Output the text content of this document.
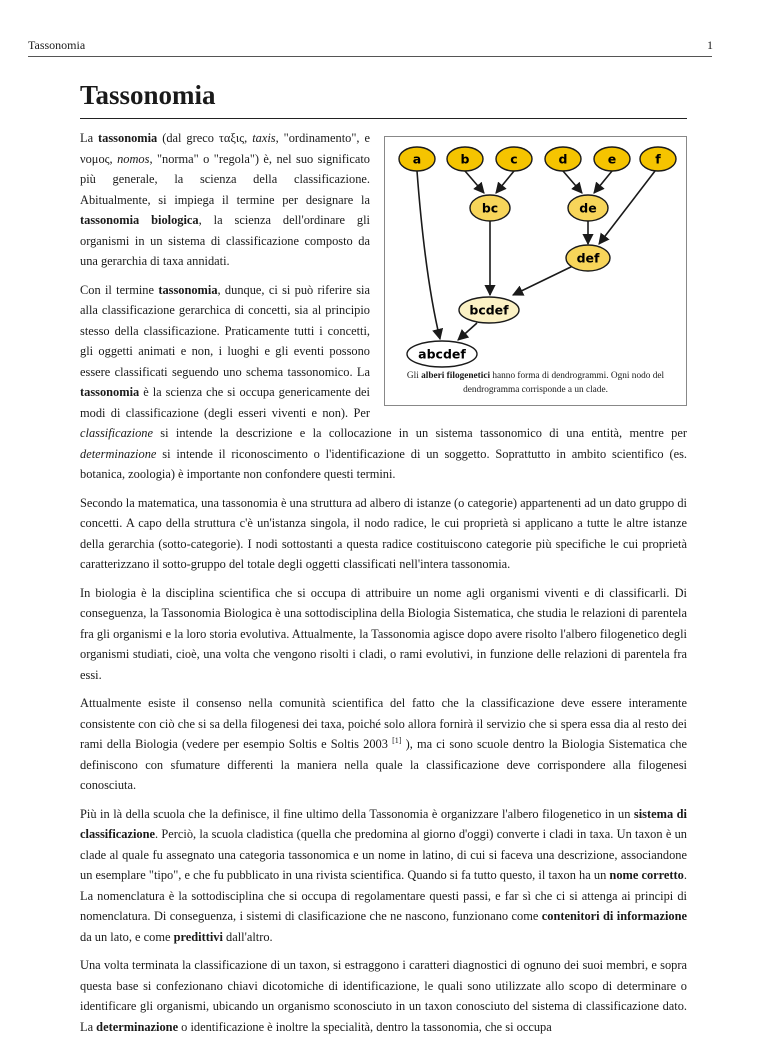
Tassonomia	1
Tassonomia
a	b	c	d	e	f
bc	de
def
bcdef
abcdef
Gli alberi filogenetici hanno forma di dendrogrammi. Ogni nodo del dendrogramma corrisponde a un clade.

La tassonomia (dal greco ταξις, taxis, "ordinamento", e νομος, nomos, "norma" o "regola") è, nel suo significato più generale, la scienza della classificazione. Abitualmente, si impiega il termine per designare la tassonomia biologica, la scienza dell'ordinare gli organismi in un sistema di classificazione composto da una gerarchia di taxa annidati.

Con il termine tassonomia, dunque, ci si può riferire sia alla classificazione gerarchica di concetti, sia al principio stesso della classificazione. Praticamente tutti i concetti, gli oggetti animati e non, i luoghi e gli eventi possono essere classificati seguendo uno schema tassonomico. La tassonomia è la scienza che si occupa genericamente dei modi di classificazione (degli esseri viventi e non). Per classificazione si intende la descrizione e la collocazione in un sistema tassonomico di una entità, mentre per determinazione si intende il riconoscimento o l'identificazione di un soggetto. Soprattutto in ambito scientifico (es. botanica, zoologia) è importante non confondere questi termini.

Secondo la matematica, una tassonomia è una struttura ad albero di istanze (o categorie) appartenenti ad un dato gruppo di concetti. A capo della struttura c'è un'istanza singola, il nodo radice, le cui proprietà si applicano a tutte le altre istanze della gerarchia (sotto-categorie). I nodi sottostanti a questa radice costituiscono categorie più specifiche le cui proprietà caratterizzano il sotto-gruppo del totale degli oggetti classificati nell'intera tassonomia.

In biologia è la disciplina scientifica che si occupa di attribuire un nome agli organismi viventi e di classificarli. Di conseguenza, la Tassonomia Biologica è una sottodisciplina della Biologia Sistematica, che studia le relazioni di parentela fra gli organismi e la loro storia evolutiva. Attualmente, la Tassonomia agisce dopo avere risolto l'albero filogenetico degli organismi studiati, cioè, una volta che vengono risolti i cladi, o rami evolutivi, in funzione delle relazioni di parentela fra essi.

Attualmente esiste il consenso nella comunità scientifica del fatto che la classificazione deve essere interamente consistente con ciò che si sa della filogenesi dei taxa, poiché solo allora fornirà il servizio che si spera essa dia al resto dei rami della Biologia (vedere per esempio Soltis e Soltis 2003 [1] ), ma ci sono scuole dentro la Biologia Sistematica che definiscono con sfumature differenti la maniera nella quale la classificazione deve corrispondere alla filogenesi conosciuta.

Più in là della scuola che la definisce, il fine ultimo della Tassonomia è organizzare l'albero filogenetico in un sistema di classificazione. Perciò, la scuola cladistica (quella che predomina al giorno d'oggi) converte i cladi in taxa. Un taxon è un clade al quale fu assegnato una categoria tassonomica e un nome in latino, di cui si faceva una descrizione, associandone un esemplare "tipo", e che fu pubblicato in una rivista scientifica. Quando si fa tutto questo, il taxon ha un nome corretto. La nomenclatura è la sottodisciplina che si occupa di regolamentare questi passi, e far sì che ci si attenga ai principi di nomenclatura. Di conseguenza, i sistemi di clasificazione che ne nascono, funzionano come contenitori di informazione da un lato, e come predittivi dall'altro.

Una volta terminata la classificazione di un taxon, si estraggono i caratteri diagnostici di ognuno dei suoi membri, e sopra questa base si confezionano chiavi dicotomiche di identificazione, le quali sono utilizzate allo scopo di determinare o identificare gli organismi, ubicando un organismo sconosciuto in un taxon conosciuto del sistema di classificazione dato. La determinazione o identificazione è inoltre la specialità, dentro la tassonomia, che si occupa
